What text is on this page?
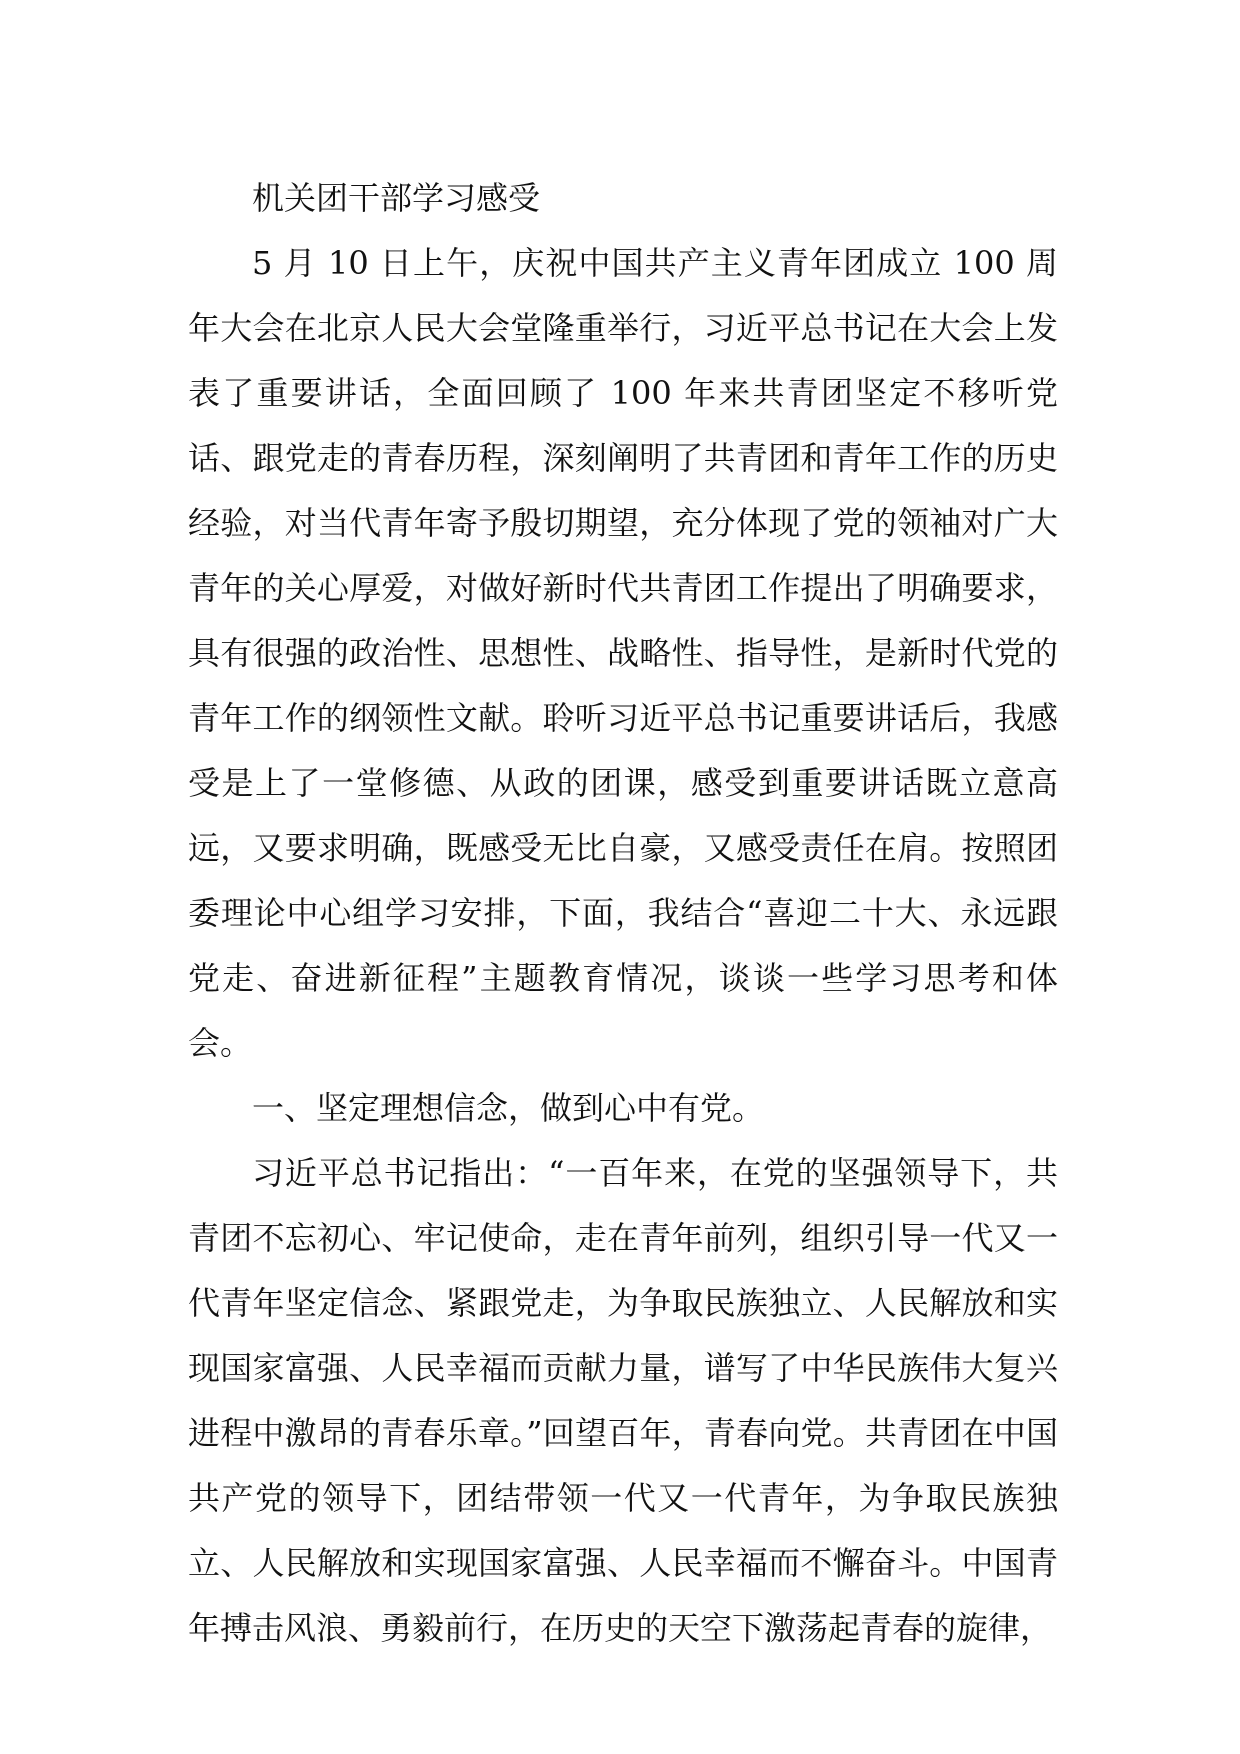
机关团干部学习感受

5 月 10 日上午，庆祝中国共产主义青年团成立 100 周年大会在北京人民大会堂隆重举行，习近平总书记在大会上发表了重要讲话，全面回顾了 100 年来共青团坚定不移听党话、跟党走的青春历程，深刻阐明了共青团和青年工作的历史经验，对当代青年寄予殷切期望，充分体现了党的领袖对广大青年的关心厚爱，对做好新时代共青团工作提出了明确要求，具有很强的政治性、思想性、战略性、指导性，是新时代党的青年工作的纲领性文献。聆听习近平总书记重要讲话后，我感受是上了一堂修德、从政的团课，感受到重要讲话既立意高远，又要求明确，既感受无比自豪，又感受责任在肩。按照团委理论中心组学习安排，下面，我结合“喜迎二十大、永远跟党走、奋进新征程”主题教育情况，谈谈一些学习思考和体会。

一、坚定理想信念，做到心中有党。

习近平总书记指出：“一百年来，在党的坚强领导下，共青团不忘初心、牢记使命，走在青年前列，组织引导一代又一代青年坚定信念、紧跟党走，为争取民族独立、人民解放和实现国家富强、人民幸福而贡献力量，谱写了中华民族伟大复兴进程中激昂的青春乐章。”回望百年，青春向党。共青团在中国共产党的领导下，团结带领一代又一代青年，为争取民族独立、人民解放和实现国家富强、人民幸福而不懈奋斗。中国青年搏击风浪、勇毅前行，在历史的天空下激荡起青春的旋律，
